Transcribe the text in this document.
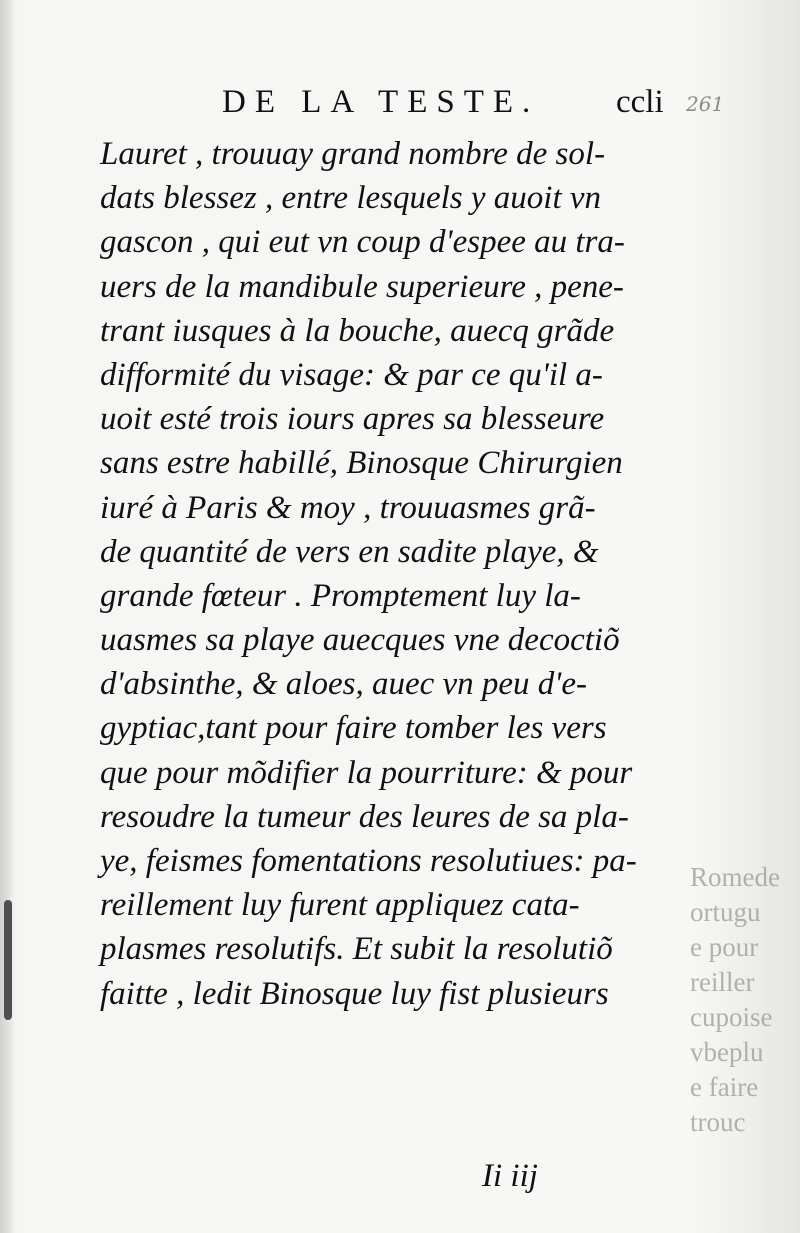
Romede
ortugu
e pour
reiller
cupoise
vbeplu
e faire
trouc
DE LA TESTE. ccli 261
Lauret , trouuay grand nombre de sol-
dats blessez , entre lesquels y auoit vn
gascon , qui eut vn coup d'espee au tra-
uers de la mandibule superieure , pene-
trant iusques à la bouche, auecq grãde
difformité du visage: & par ce qu'il a-
uoit esté trois iours apres sa blesseure
sans estre habillé, Binosque Chirurgien
iuré à Paris & moy , trouuasmes grã-
de quantité de vers en sadite playe, &
grande fœteur . Promptement luy la-
uasmes sa playe auecques vne decoctiõ
d'absinthe, & aloes, auec vn peu d'e-
gyptiac,tant pour faire tomber les vers
que pour mõdifier la pourriture: & pour
resoudre la tumeur des leures de sa pla-
ye, feismes fomentations resolutiues: pa-
reillement luy furent appliquez cata-
plasmes resolutifs. Et subit la resolutiõ
faitte , ledit Binosque luy fist plusieurs
Ii iij
